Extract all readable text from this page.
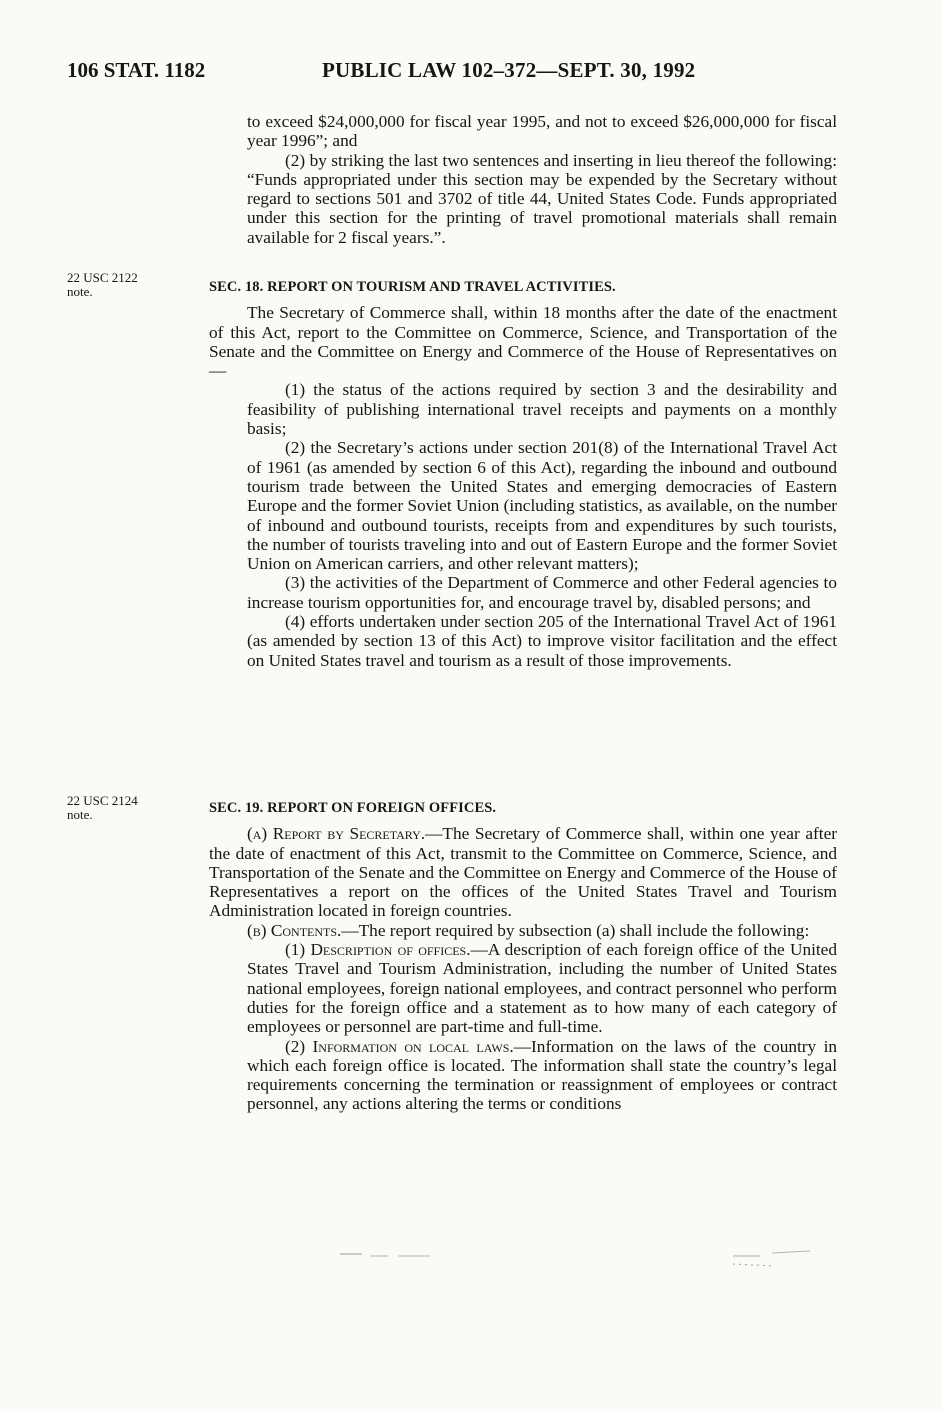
106 STAT. 1182	PUBLIC LAW 102–372—SEPT. 30, 1992
22 USC 2122
note.
22 USC 2124
note.

to exceed $24,000,000 for fiscal year 1995, and not to exceed $26,000,000 for fiscal year 1996”; and

(2) by striking the last two sentences and inserting in lieu thereof the following: “Funds appropriated under this section may be expended by the Secretary without regard to sections 501 and 3702 of title 44, United States Code. Funds appropriated under this section for the printing of travel promotional materials shall remain available for 2 fiscal years.”.

SEC. 18. REPORT ON TOURISM AND TRAVEL ACTIVITIES.

The Secretary of Commerce shall, within 18 months after the date of the enactment of this Act, report to the Committee on Commerce, Science, and Transportation of the Senate and the Committee on Energy and Commerce of the House of Representatives on—

(1) the status of the actions required by section 3 and the desirability and feasibility of publishing international travel receipts and payments on a monthly basis;

(2) the Secretary’s actions under section 201(8) of the International Travel Act of 1961 (as amended by section 6 of this Act), regarding the inbound and outbound tourism trade between the United States and emerging democracies of Eastern Europe and the former Soviet Union (including statistics, as available, on the number of inbound and outbound tourists, receipts from and expenditures by such tourists, the number of tourists traveling into and out of Eastern Europe and the former Soviet Union on American carriers, and other relevant matters);

(3) the activities of the Department of Commerce and other Federal agencies to increase tourism opportunities for, and encourage travel by, disabled persons; and

(4) efforts undertaken under section 205 of the International Travel Act of 1961 (as amended by section 13 of this Act) to improve visitor facilitation and the effect on United States travel and tourism as a result of those improvements.

SEC. 19. REPORT ON FOREIGN OFFICES.

(a) Report by Secretary.—The Secretary of Commerce shall, within one year after the date of enactment of this Act, transmit to the Committee on Commerce, Science, and Transportation of the Senate and the Committee on Energy and Commerce of the House of Representatives a report on the offices of the United States Travel and Tourism Administration located in foreign countries.

(b) Contents.—The report required by subsection (a) shall include the following:

(1) Description of offices.—A description of each foreign office of the United States Travel and Tourism Administration, including the number of United States national employees, foreign national employees, and contract personnel who perform duties for the foreign office and a statement as to how many of each category of employees or personnel are part-time and full-time.

(2) Information on local laws.—Information on the laws of the country in which each foreign office is located. The information shall state the country’s legal requirements concerning the termination or reassignment of employees or contract personnel, any actions altering the terms or conditions
